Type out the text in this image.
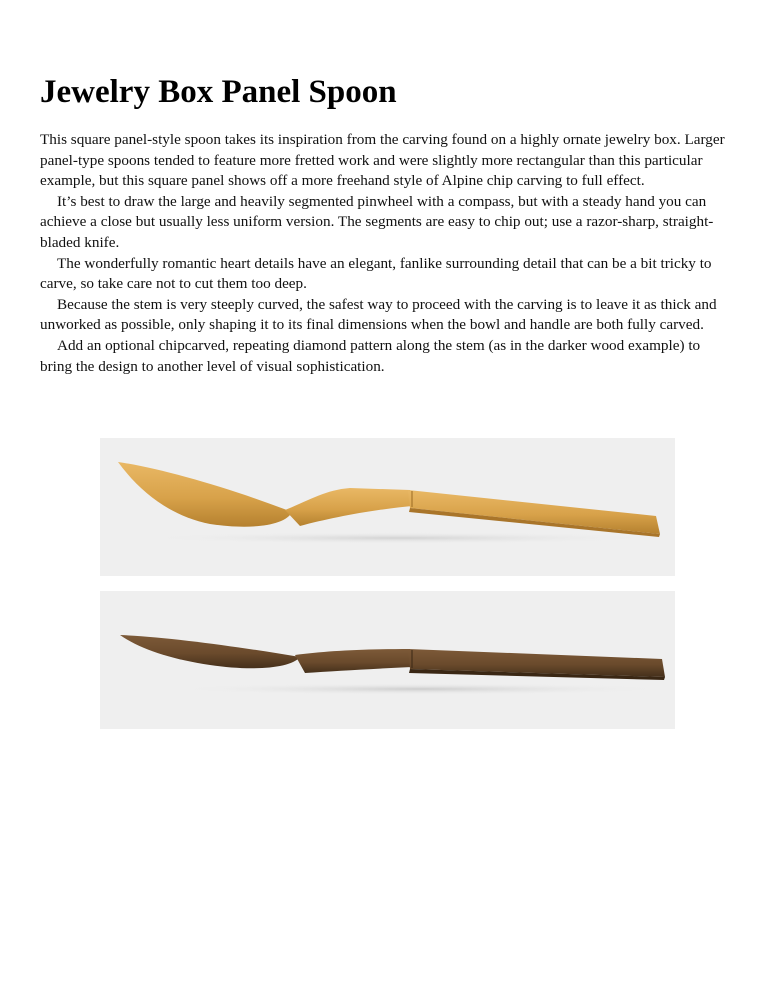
Jewelry Box Panel Spoon

This square panel-style spoon takes its inspiration from the carving found on a highly ornate jewelry box. Larger panel-type spoons tended to feature more fretted work and were slightly more rectangular than this particular example, but this square panel shows off a more freehand style of Alpine chip carving to full effect.

It’s best to draw the large and heavily segmented pinwheel with a compass, but with a steady hand you can achieve a close but usually less uniform version. The segments are easy to chip out; use a razor-sharp, straight-bladed knife.

The wonderfully romantic heart details have an elegant, fanlike surrounding detail that can be a bit tricky to carve, so take care not to cut them too deep.

Because the stem is very steeply curved, the safest way to proceed with the carving is to leave it as thick and unworked as possible, only shaping it to its final dimensions when the bowl and handle are both fully carved.

Add an optional chipcarved, repeating diamond pattern along the stem (as in the darker wood example) to bring the design to another level of visual sophistication.
